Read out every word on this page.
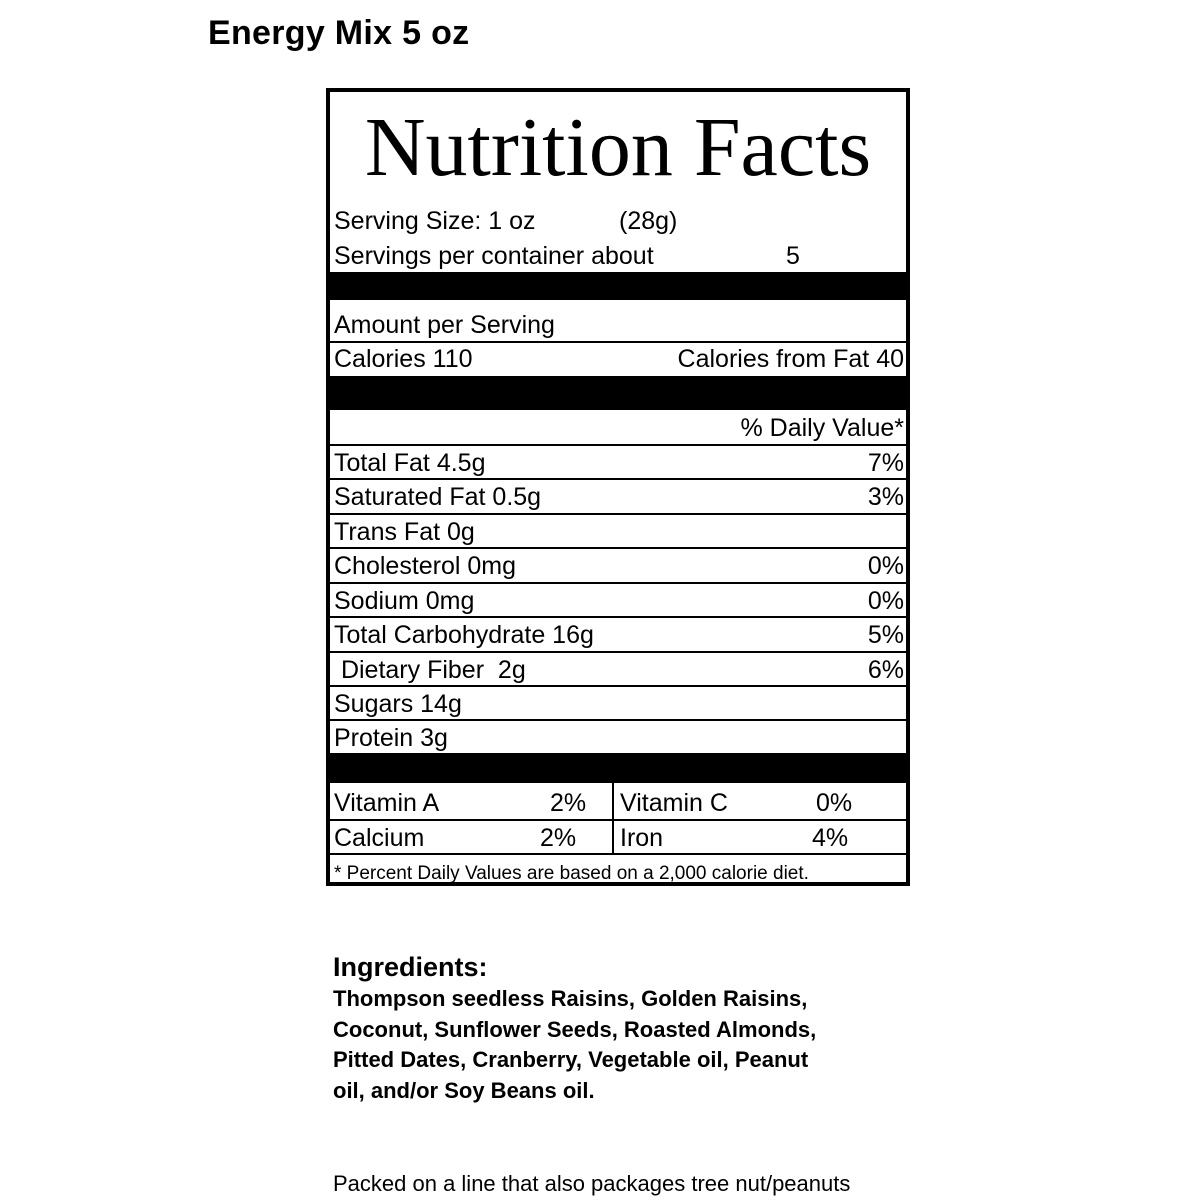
Energy Mix 5 oz
Nutrition Facts
Serving Size: 1 oz	(28g)
Servings per container about	5
Amount per Serving
Calories 110	Calories from Fat 40
% Daily Value*
Total Fat 4.5g	7%
Saturated Fat 0.5g	3%
Trans Fat 0g
Cholesterol 0mg	0%
Sodium 0mg	0%
Total Carbohydrate 16g	5%
Dietary Fiber  2g	6%
Sugars 14g
Protein 3g
Vitamin A	2% Vitamin C	0%
Calcium	2% Iron	4%
* Percent Daily Values are based on a 2,000 calorie diet.
Ingredients:
Thompson seedless Raisins, Golden Raisins,
Coconut, Sunflower Seeds, Roasted Almonds,
Pitted Dates, Cranberry, Vegetable oil, Peanut
oil, and/or Soy Beans oil.
Packed on a line that also packages tree nut/peanuts
